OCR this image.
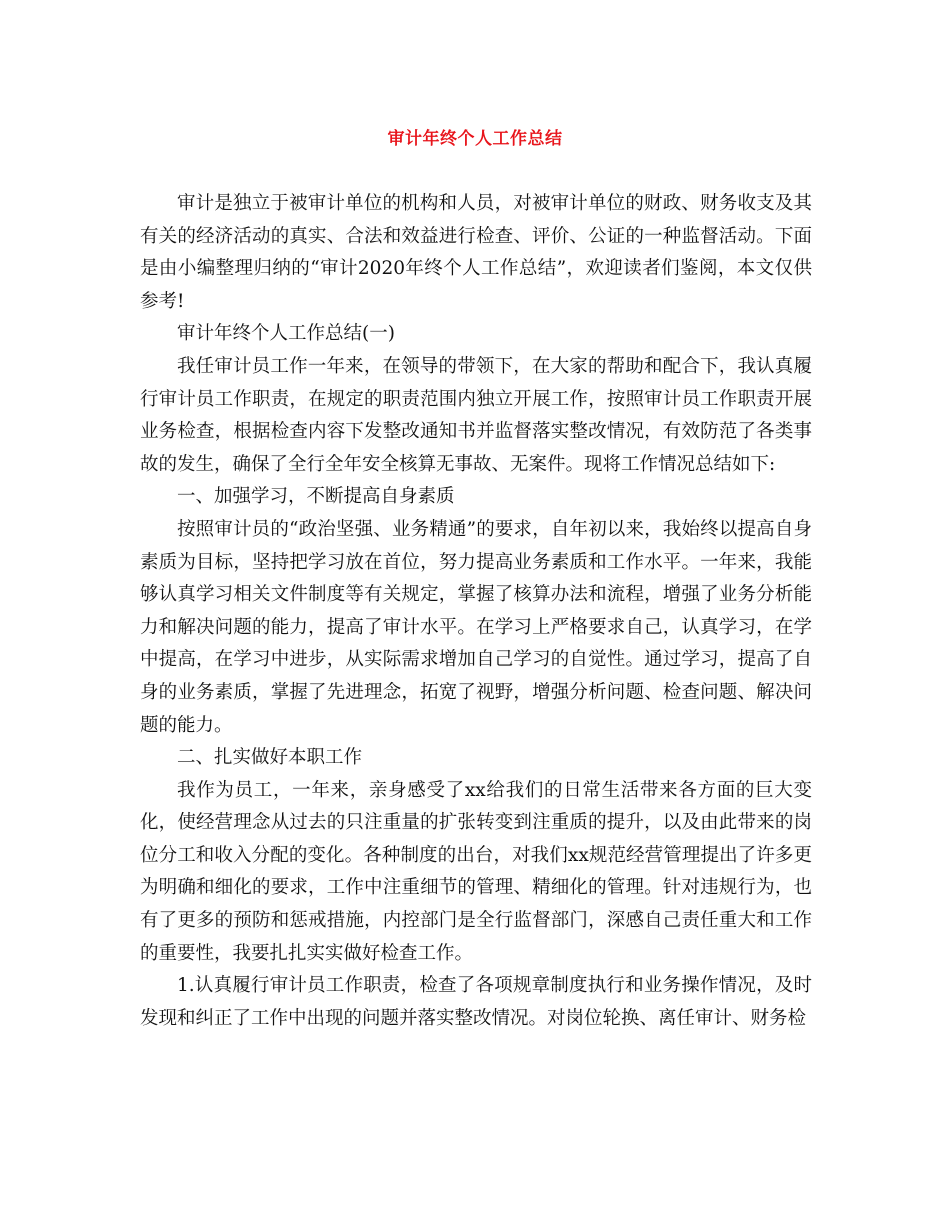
审计年终个人工作总结

审计是独立于被审计单位的机构和人员，对被审计单位的财政、财务收支及其有关的经济活动的真实、合法和效益进行检查、评价、公证的一种监督活动。下面是由小编整理归纳的“审计2020年终个人工作总结”，欢迎读者们鉴阅，本文仅供参考!

审计年终个人工作总结(一)

我任审计员工作一年来，在领导的带领下，在大家的帮助和配合下，我认真履行审计员工作职责，在规定的职责范围内独立开展工作，按照审计员工作职责开展业务检查，根据检查内容下发整改通知书并监督落实整改情况，有效防范了各类事故的发生，确保了全行全年安全核算无事故、无案件。现将工作情况总结如下:

一、加强学习，不断提高自身素质

按照审计员的“政治坚强、业务精通”的要求，自年初以来，我始终以提高自身素质为目标，坚持把学习放在首位，努力提高业务素质和工作水平。一年来，我能够认真学习相关文件制度等有关规定，掌握了核算办法和流程，增强了业务分析能力和解决问题的能力，提高了审计水平。在学习上严格要求自己，认真学习，在学中提高，在学习中进步，从实际需求增加自己学习的自觉性。通过学习，提高了自身的业务素质，掌握了先进理念，拓宽了视野，增强分析问题、检查问题、解决问题的能力。

二、扎实做好本职工作

我作为员工，一年来，亲身感受了xx给我们的日常生活带来各方面的巨大变化，使经营理念从过去的只注重量的扩张转变到注重质的提升，以及由此带来的岗位分工和收入分配的变化。各种制度的出台，对我们xx规范经营管理提出了许多更为明确和细化的要求，工作中注重细节的管理、精细化的管理。针对违规行为，也有了更多的预防和惩戒措施，内控部门是全行监督部门，深感自己责任重大和工作的重要性，我要扎扎实实做好检查工作。

1.认真履行审计员工作职责，检查了各项规章制度执行和业务操作情况，及时发现和纠正了工作中出现的问题并落实整改情况。对岗位轮换、离任审计、财务检
